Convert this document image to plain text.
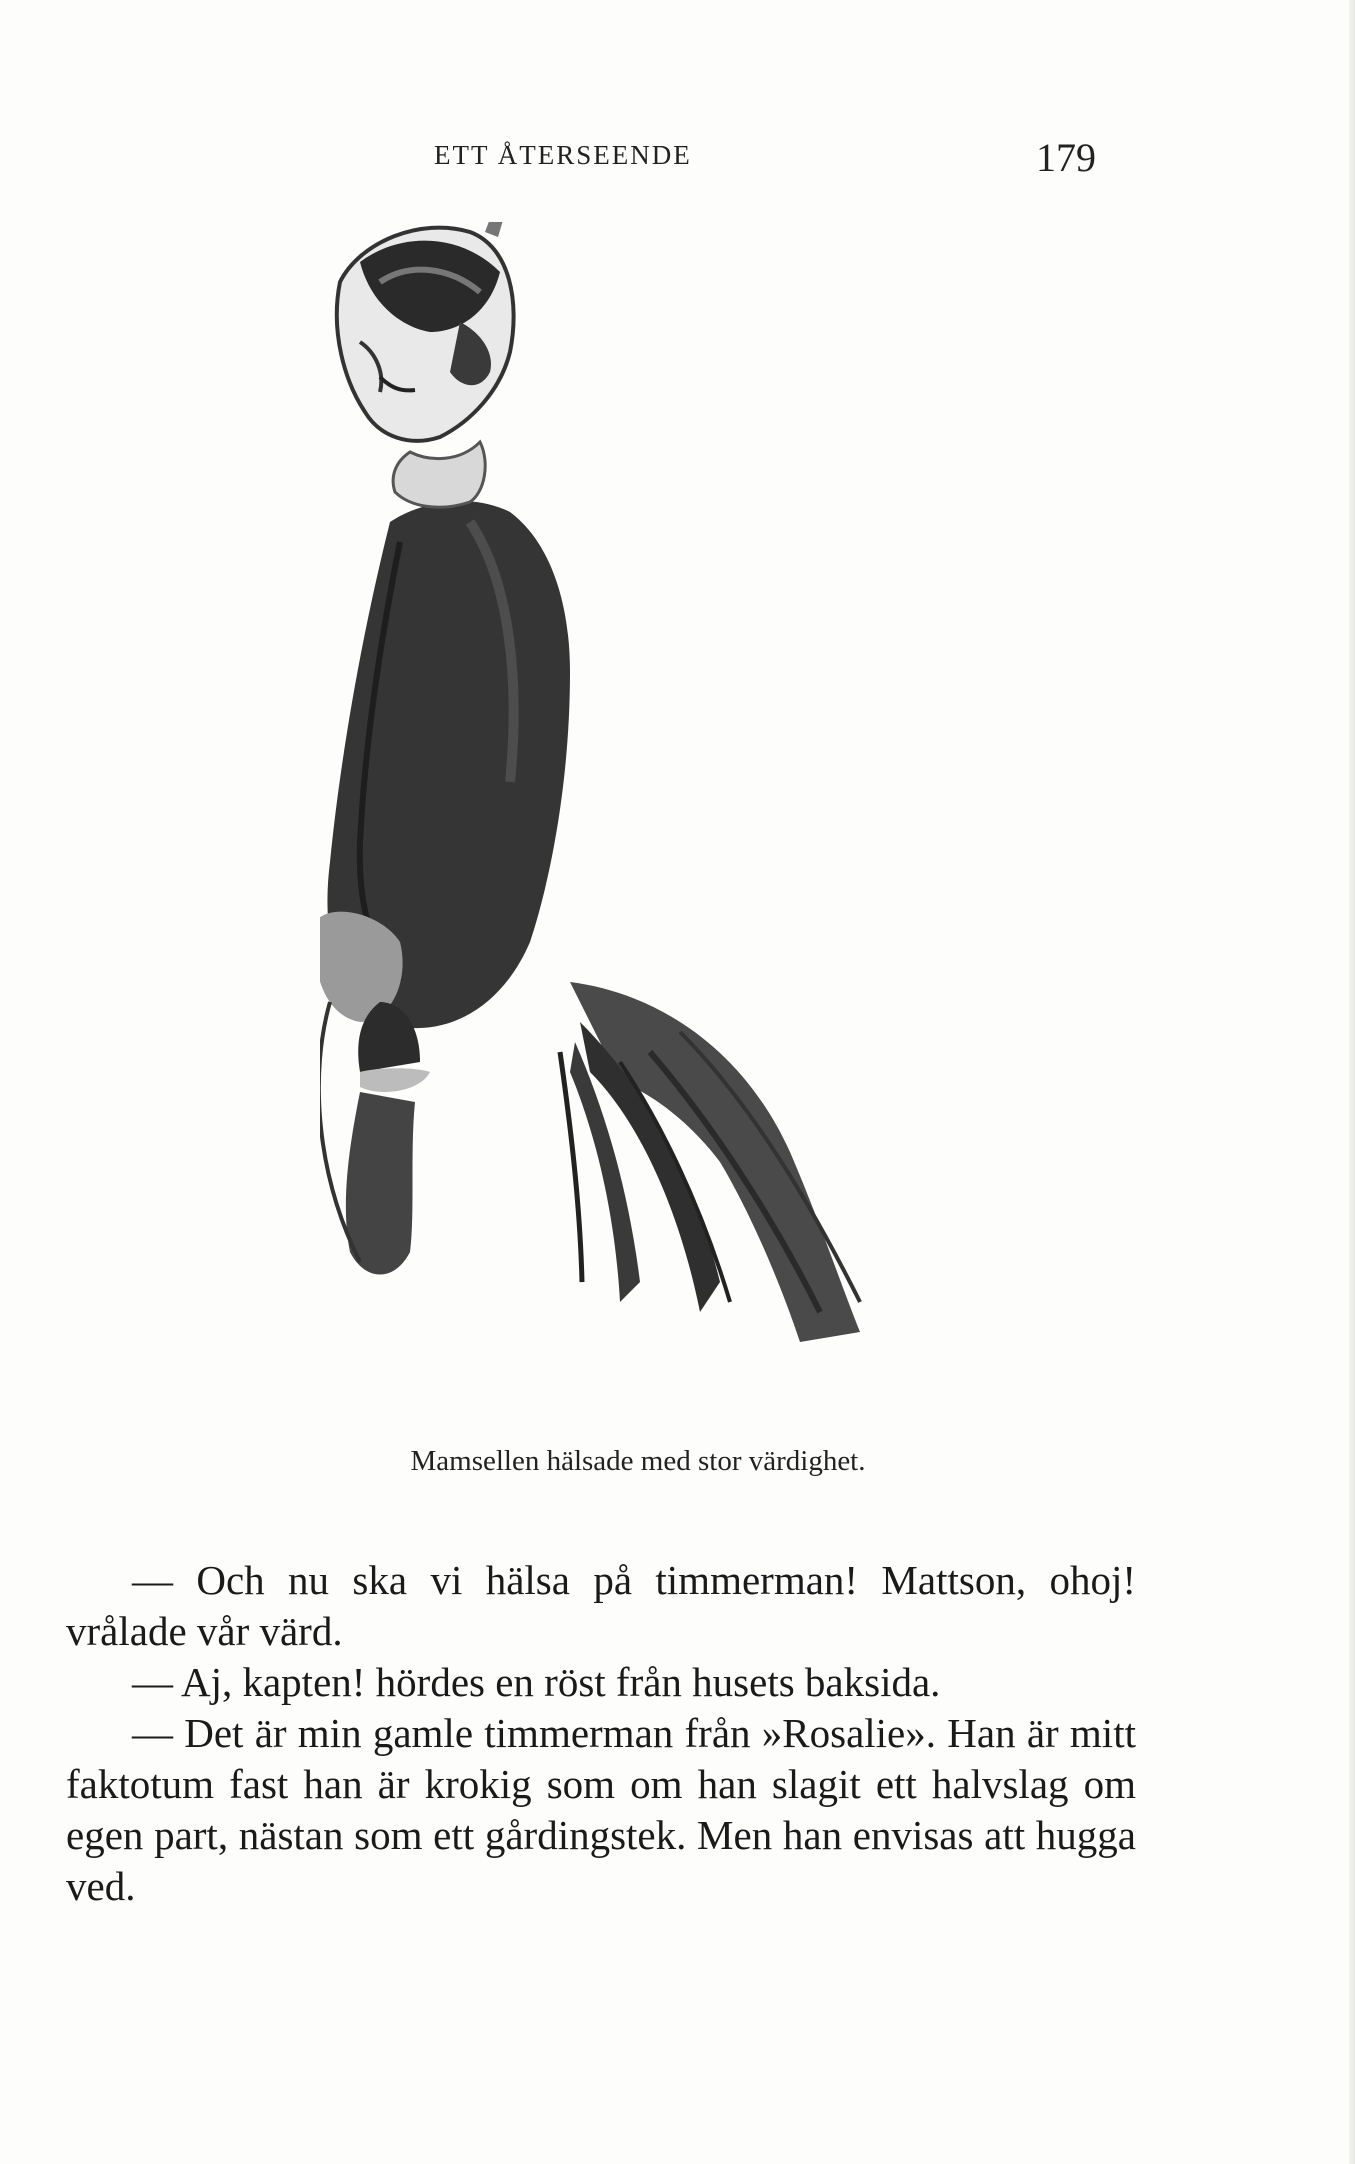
ETT ÅTERSEENDE	179
Mamsellen hälsade med stor värdighet.

— Och nu ska vi hälsa på timmerman! Mattson, ohoj! vrålade vår värd.

— Aj, kapten! hördes en röst från husets baksida.

— Det är min gamle timmerman från »Rosalie». Han är mitt faktotum fast han är krokig som om han slagit ett halvslag om egen part, nästan som ett gårdingstek. Men han envisas att hugga ved.
